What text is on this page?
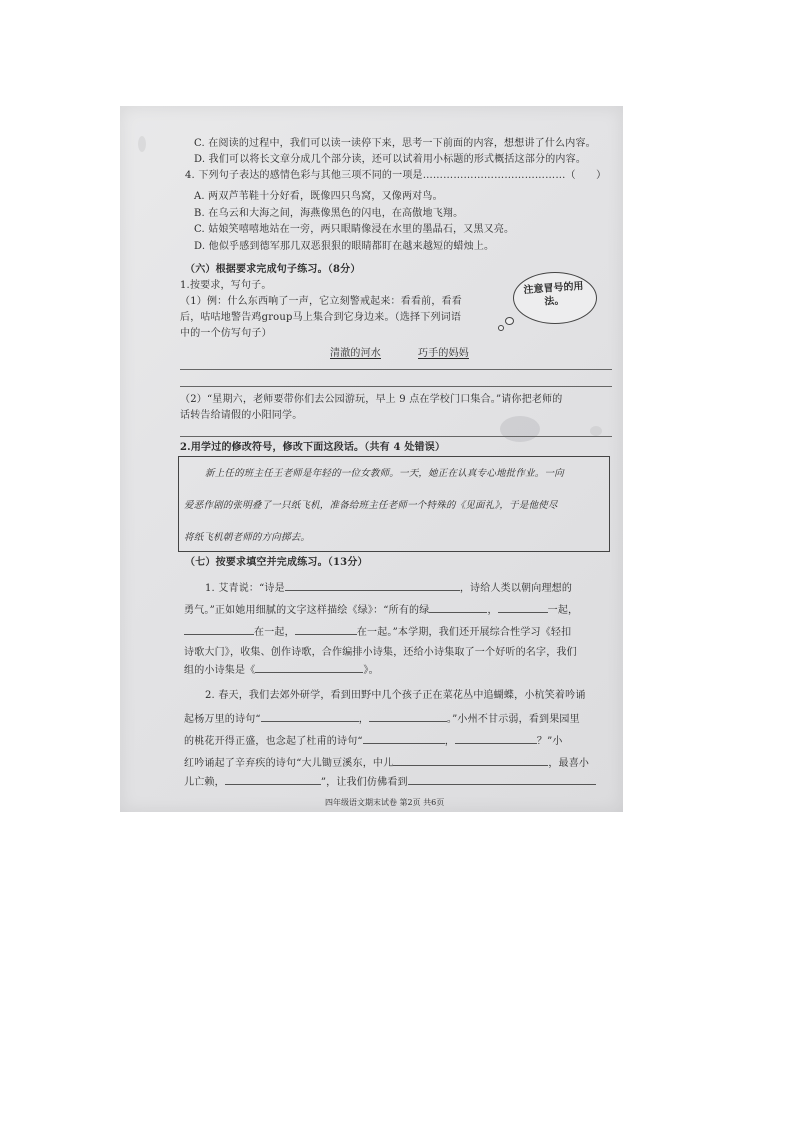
C. 在阅读的过程中，我们可以读一读停下来，思考一下前面的内容，想想讲了什么内容。
D. 我们可以将长文章分成几个部分读，还可以试着用小标题的形式概括这部分的内容。
4. 下列句子表达的感情色彩与其他三项不同的一项是……………………………………（　　）
A. 两双芦苇鞋十分好看，既像四只鸟窝，又像两对鸟。
B. 在乌云和大海之间，海燕像黑色的闪电，在高傲地飞翔。
C. 姑娘笑嘻嘻地站在一旁，两只眼睛像浸在水里的墨晶石，又黑又亮。
D. 他似乎感到德军那几双恶狠狠的眼睛都盯在越来越短的蜡烛上。
（六）根据要求完成句子练习。（8分）
1.按要求，写句子。
（1）例：什么东西响了一声，它立刻警戒起来：看看前，看看
后，咕咕地警告鸡group马上集合到它身边来。（选择下列词语
中的一个仿写句子）
注意冒号的用法。
清澈的河水	巧手的妈妈
（2）“星期六，老师要带你们去公园游玩，早上 9 点在学校门口集合。”请你把老师的
话转告给请假的小阳同学。
2.用学过的修改符号，修改下面这段话。（共有 4 处错误）
新上任的班主任王老师是年轻的一位女教师。一天，她正在认真专心地批作业。一向
爱恶作剧的张明叠了一只纸飞机，准备给班主任老师一个特殊的《见面礼》，于是他使尽
将纸飞机朝老师的方向掷去。
（七）按要求填空并完成练习。（13分）
1. 艾青说：“诗是	，诗给人类以朝向理想的
勇气。”正如她用细腻的文字这样描绘《绿》：“所有的绿	，	一起，
在一起，	在一起。”本学期，我们还开展综合性学习《轻扣
诗歌大门》，收集、创作诗歌，合作编排小诗集，还给小诗集取了一个好听的名字，我们
组的小诗集是《	》。
2. 春天，我们去郊外研学，看到田野中几个孩子正在菜花丛中追蝴蝶，小杭笑着吟诵
起杨万里的诗句“	，	。”小州不甘示弱，看到果园里
的桃花开得正盛，也念起了杜甫的诗句“	，	？”小
红吟诵起了辛弃疾的诗句“大儿锄豆溪东，中儿	，最喜小
儿亡赖，	”，让我们仿佛看到
四年级语文期末试卷 第2页 共6页
